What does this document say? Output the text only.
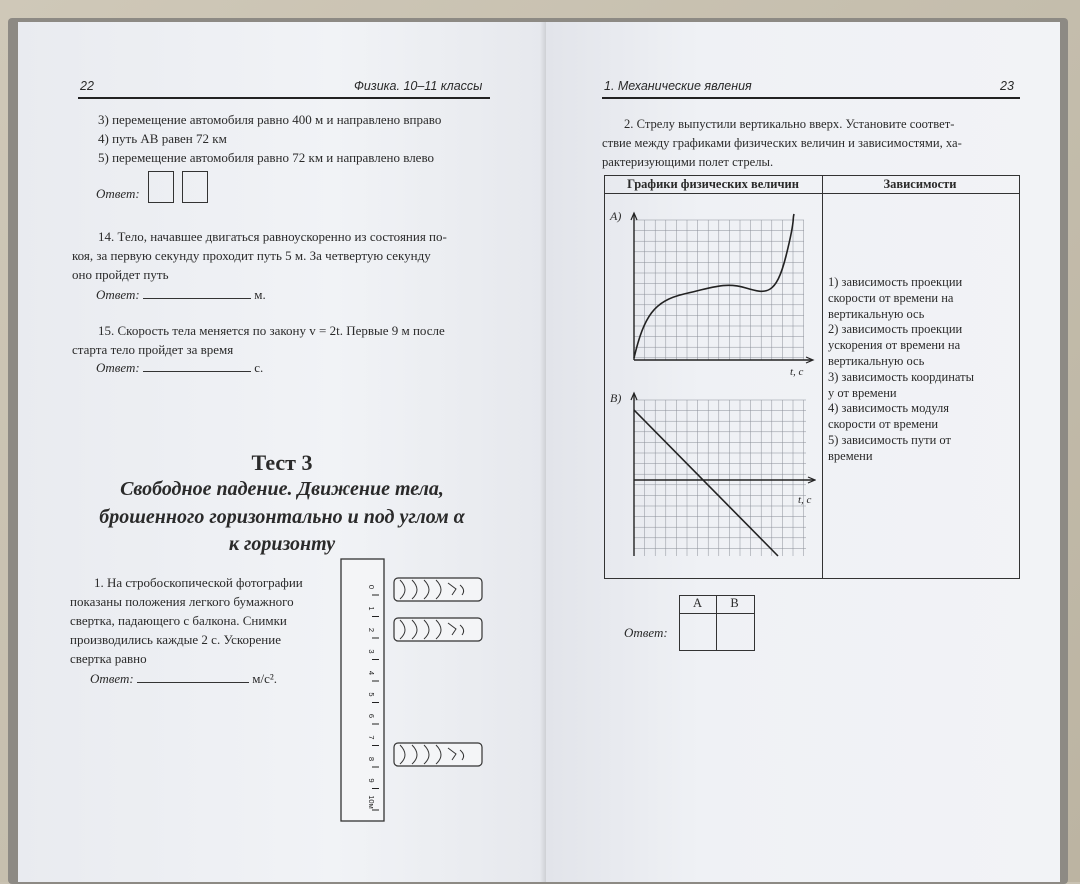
22	Физика. 10–11 классы
3) перемещение автомобиля равно 400 м и направлено вправо
4) путь AB равен 72 км
5) перемещение автомобиля равно 72 км и направлено влево
Ответ:
14. Тело, начавшее двигаться равноускоренно из состояния по-
коя, за первую секунду проходит путь 5 м. За четвертую секунду
оно пройдет путь
Ответ:	м.
15. Скорость тела меняется по закону v = 2t. Первые 9 м после
старта тело пройдет за время
Ответ:	с.
Тест 3
Свободное падение. Движение тела,
брошенного горизонтально и под углом α
к горизонту
1. На стробоскопической фотографии
показаны положения легкого бумажного
свертка, падающего с балкона. Снимки
производились каждые 2 с. Ускорение
свертка равно
Ответ:	м/с².
0
1
2
3
4
5
6
7
8
9
10м
1. Механические явления	23
2. Стрелу выпустили вертикально вверх. Установите соответ-
ствие между графиками физических величин и зависимостями, ха-
рактеризующими полет стрелы.
Графики физических величин	Зависимости
А)
В)
t, с
t, с
1) зависимость проекции
скорости от времени на
вертикальную ось
2) зависимость проекции
ускорения от времени на
вертикальную ось
3) зависимость координаты
y от времени
4) зависимость модуля
скорости от времени
5) зависимость пути от
времени
Ответ:
А	В
